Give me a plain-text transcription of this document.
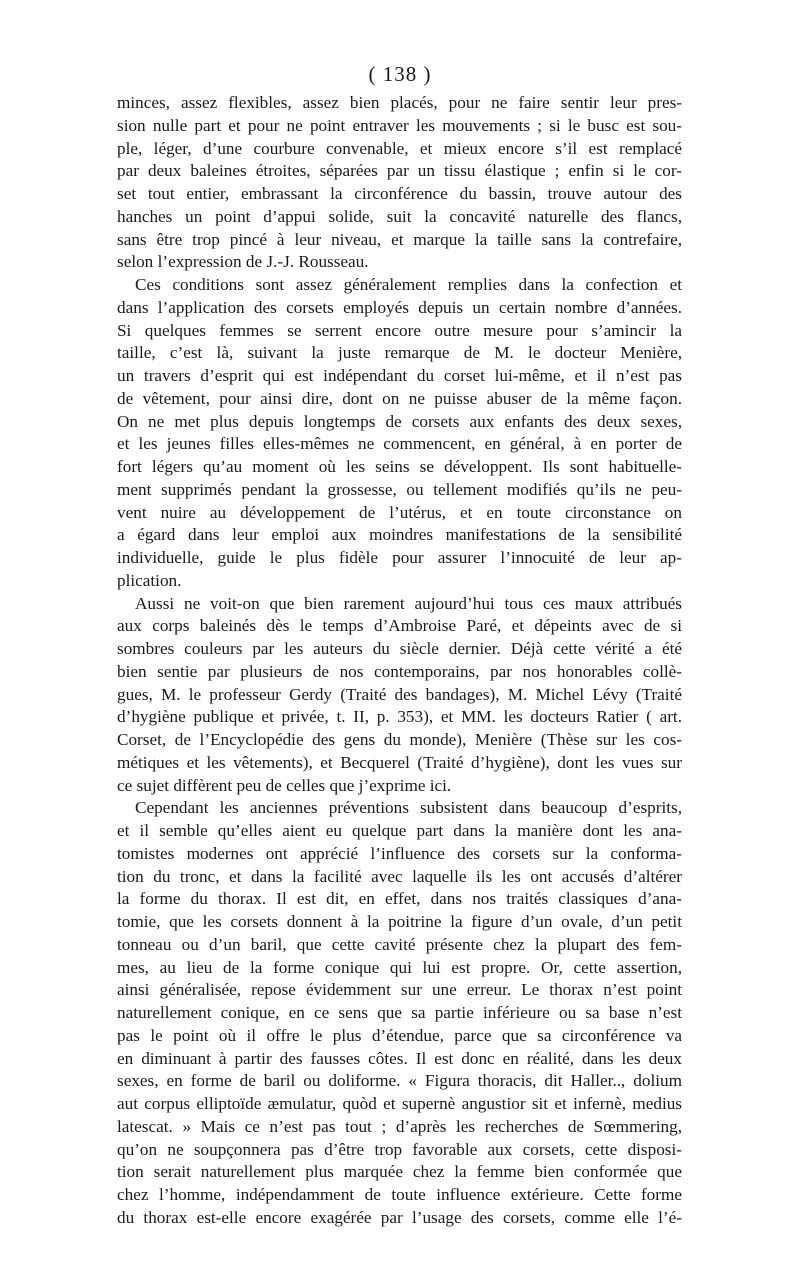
( 138 )
minces, assez flexibles, assez bien placés, pour ne faire sentir leur pres-
sion nulle part et pour ne point entraver les mouvements ; si le busc est sou-
ple, léger, d’une courbure convenable, et mieux encore s’il est remplacé
par deux baleines étroites, séparées par un tissu élastique ; enfin si le cor-
set tout entier, embrassant la circonférence du bassin, trouve autour des
hanches un point d’appui solide, suit la concavité naturelle des flancs,
sans être trop pincé à leur niveau, et marque la taille sans la contrefaire,
selon l’expression de J.-J. Rousseau.
Ces conditions sont assez généralement remplies dans la confection et
dans l’application des corsets employés depuis un certain nombre d’années.
Si quelques femmes se serrent encore outre mesure pour s’amincir la
taille, c’est là, suivant la juste remarque de M. le docteur Menière,
un travers d’esprit qui est indépendant du corset lui-même, et il n’est pas
de vêtement, pour ainsi dire, dont on ne puisse abuser de la même façon.
On ne met plus depuis longtemps de corsets aux enfants des deux sexes,
et les jeunes filles elles-mêmes ne commencent, en général, à en porter de
fort légers qu’au moment où les seins se développent. Ils sont habituelle-
ment supprimés pendant la grossesse, ou tellement modifiés qu’ils ne peu-
vent nuire au développement de l’utérus, et en toute circonstance on
a égard dans leur emploi aux moindres manifestations de la sensibilité
individuelle, guide le plus fidèle pour assurer l’innocuité de leur ap-
plication.
Aussi ne voit-on que bien rarement aujourd’hui tous ces maux attribués
aux corps baleinés dès le temps d’Ambroise Paré, et dépeints avec de si
sombres couleurs par les auteurs du siècle dernier. Déjà cette vérité a été
bien sentie par plusieurs de nos contemporains, par nos honorables collè-
gues, M. le professeur Gerdy (Traité des bandages), M. Michel Lévy (Traité
d’hygiène publique et privée, t. II, p. 353), et MM. les docteurs Ratier ( art.
Corset, de l’Encyclopédie des gens du monde), Menière (Thèse sur les cos-
métiques et les vêtements), et Becquerel (Traité d’hygiène), dont les vues sur
ce sujet diffèrent peu de celles que j’exprime ici.
Cependant les anciennes préventions subsistent dans beaucoup d’esprits,
et il semble qu’elles aient eu quelque part dans la manière dont les ana-
tomistes modernes ont apprécié l’influence des corsets sur la conforma-
tion du tronc, et dans la facilité avec laquelle ils les ont accusés d’altérer
la forme du thorax. Il est dit, en effet, dans nos traités classiques d’ana-
tomie, que les corsets donnent à la poitrine la figure d’un ovale, d’un petit
tonneau ou d’un baril, que cette cavité présente chez la plupart des fem-
mes, au lieu de la forme conique qui lui est propre. Or, cette assertion,
ainsi généralisée, repose évidemment sur une erreur. Le thorax n’est point
naturellement conique, en ce sens que sa partie inférieure ou sa base n’est
pas le point où il offre le plus d’étendue, parce que sa circonférence va
en diminuant à partir des fausses côtes. Il est donc en réalité, dans les deux
sexes, en forme de baril ou doliforme. « Figura thoracis, dit Haller.., dolium
aut corpus elliptoïde æmulatur, quòd et supernè angustior sit et infernè, medius
latescat. » Mais ce n’est pas tout ; d’après les recherches de Sœmmering,
qu’on ne soupçonnera pas d’être trop favorable aux corsets, cette disposi-
tion serait naturellement plus marquée chez la femme bien conformée que
chez l’homme, indépendamment de toute influence extérieure. Cette forme
du thorax est-elle encore exagérée par l’usage des corsets, comme elle l’é-
